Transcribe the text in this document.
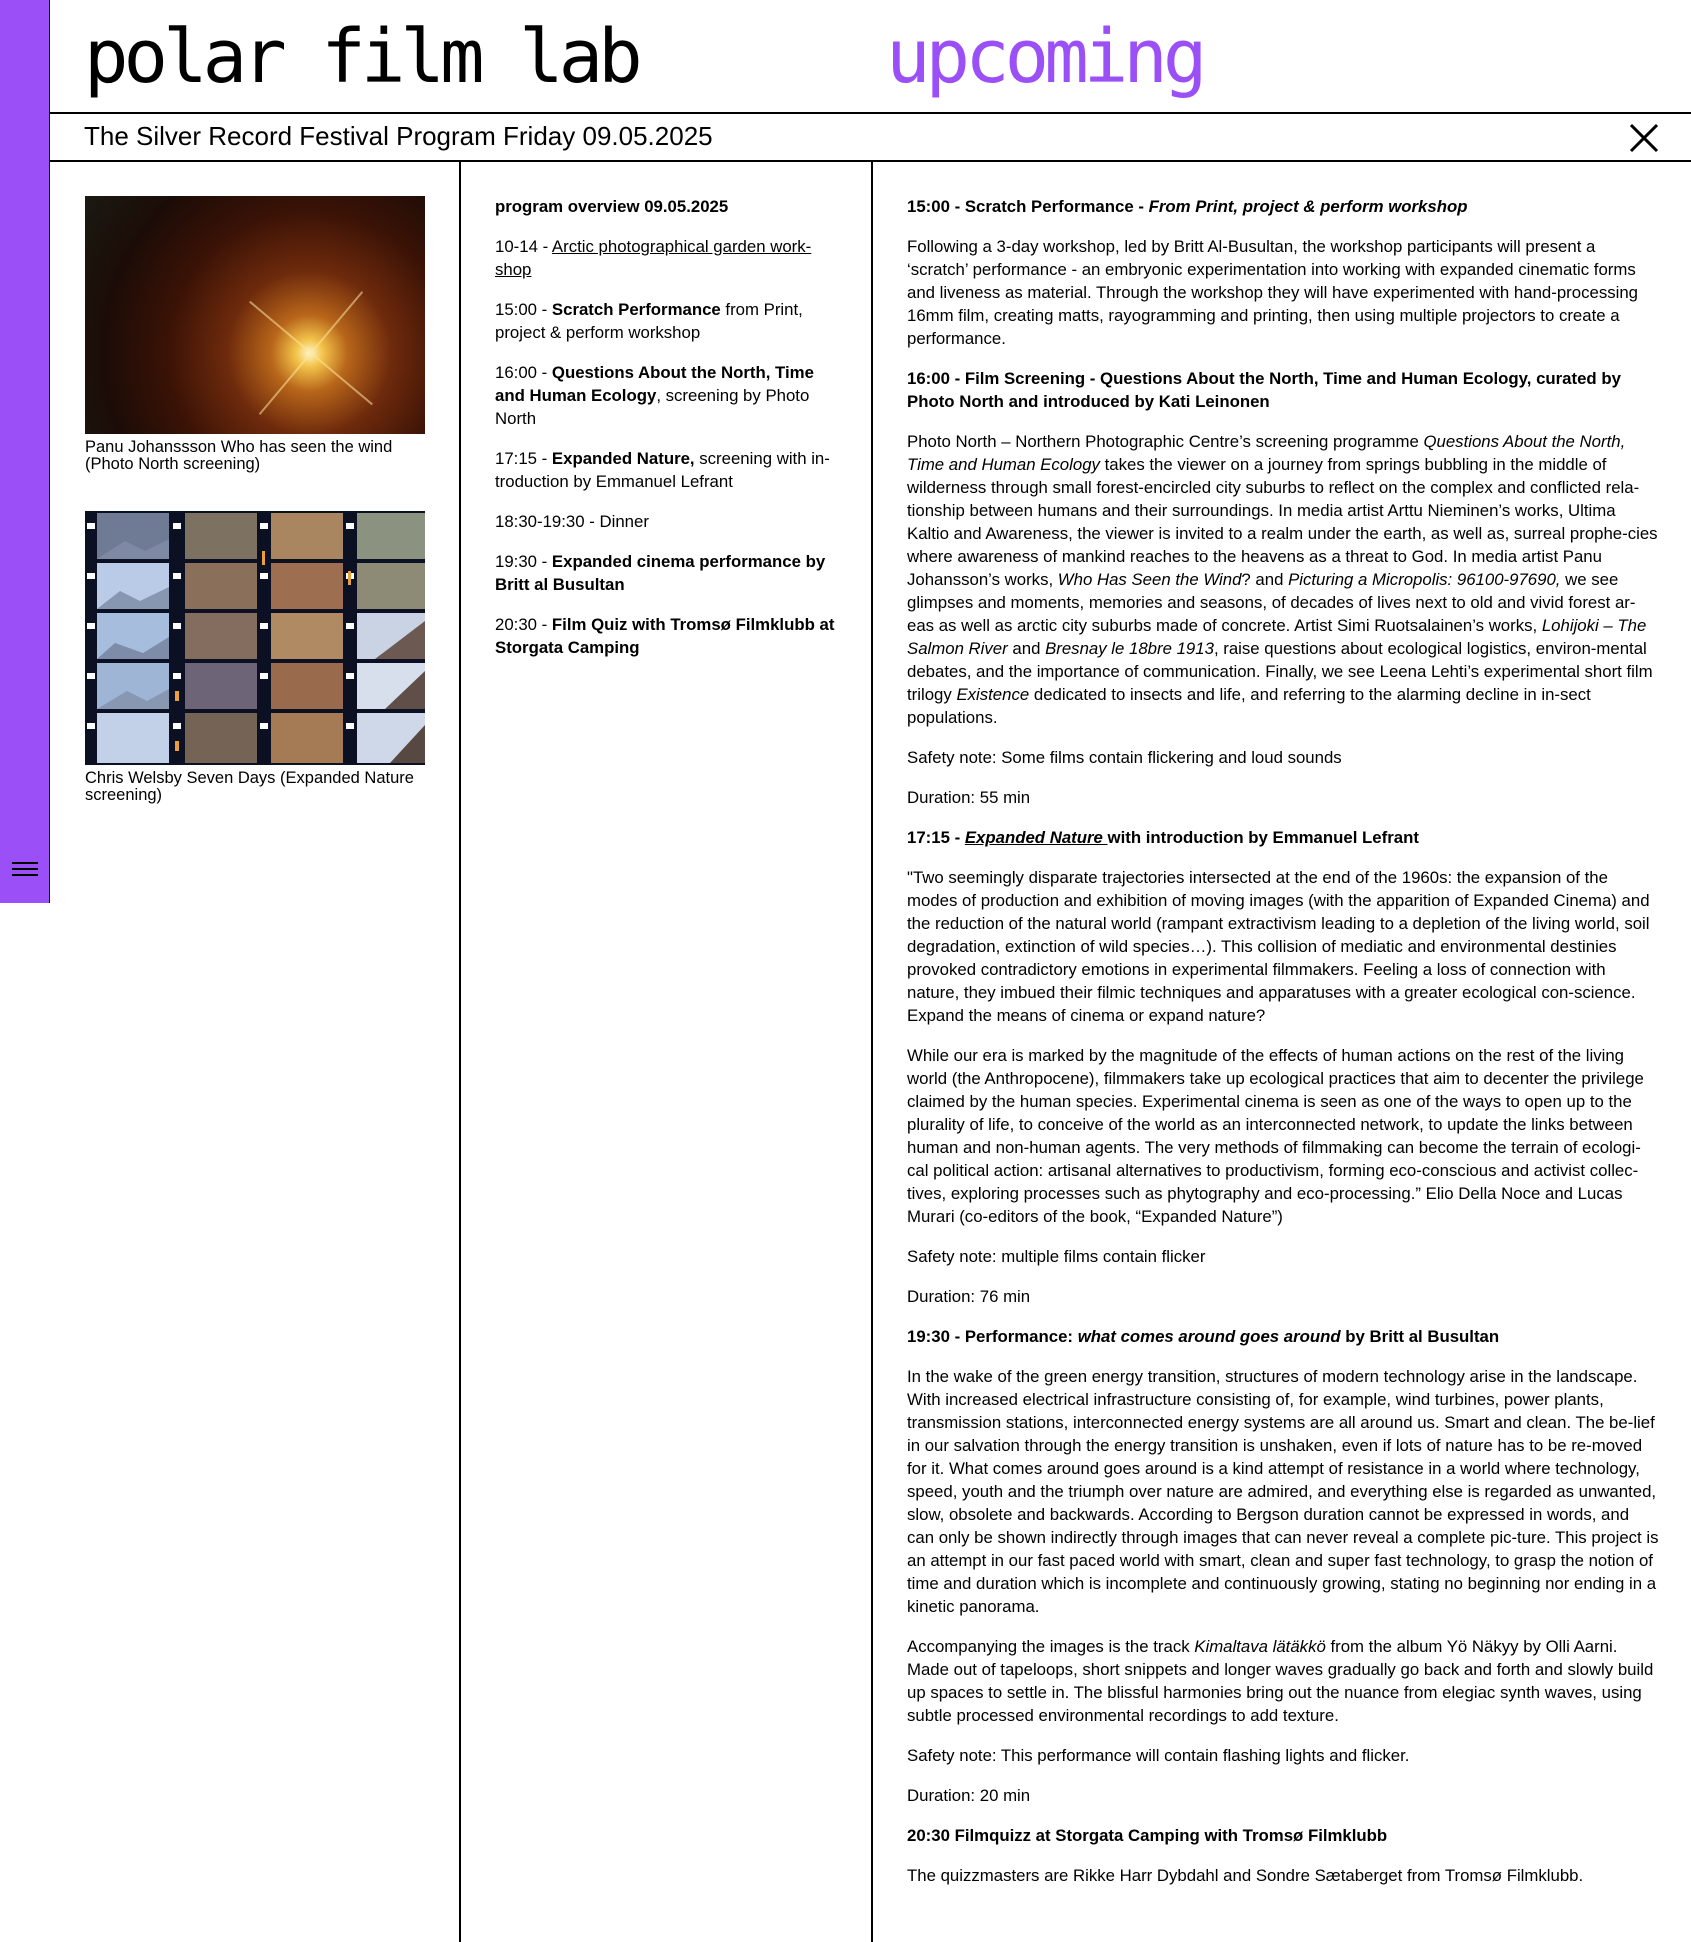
polar film lab	upcoming
The Silver Record Festival Program Friday 09.05.2025
Panu Johanssson Who has seen the wind (Photo North screening)
Chris Welsby Seven Days (Expanded Nature screening)

program overview 09.05.2025

10-14 - Arctic photographical garden work-shop

15:00 - Scratch Performance from Print, project & perform workshop

16:00 - Questions About the North, Time and Human Ecology, screening by Photo North

17:15 - Expanded Nature, screening with in-troduction by Emmanuel Lefrant

18:30-19:30 - Dinner

19:30 - Expanded cinema performance by Britt al Busultan

20:30 - Film Quiz with Tromsø Filmklubb at Storgata Camping

15:00 - Scratch Performance - From Print, project & perform workshop

Following a 3-day workshop, led by Britt Al-Busultan, the workshop participants will present a ‘scratch’ performance - an embryonic experimentation into working with expanded cinematic forms and liveness as material. Through the workshop they will have experimented with hand-processing 16mm film, creating matts, rayogramming and printing, then using multiple projectors to create a performance.

16:00 - Film Screening - Questions About the North, Time and Human Ecology, curated by Photo North and introduced by Kati Leinonen

Photo North – Northern Photographic Centre’s screening programme Questions About the North, Time and Human Ecology takes the viewer on a journey from springs bubbling in the middle of wilderness through small forest-encircled city suburbs to reflect on the complex and conflicted rela-tionship between humans and their surroundings. In media artist Arttu Nieminen’s works, Ultima Kaltio and Awareness, the viewer is invited to a realm under the earth, as well as, surreal prophe-cies where awareness of mankind reaches to the heavens as a threat to God. In media artist Panu Johansson’s works, Who Has Seen the Wind? and Picturing a Micropolis: 96100-97690, we see glimpses and moments, memories and seasons, of decades of lives next to old and vivid forest ar-eas as well as arctic city suburbs made of concrete. Artist Simi Ruotsalainen’s works, Lohijoki – The Salmon River and Bresnay le 18bre 1913, raise questions about ecological logistics, environ-mental debates, and the importance of communication. Finally, we see Leena Lehti’s experimental short film trilogy Existence dedicated to insects and life, and referring to the alarming decline in in-sect populations.

Safety note: Some films contain flickering and loud sounds

Duration: 55 min

17:15 - Expanded Nature with introduction by Emmanuel Lefrant

"Two seemingly disparate trajectories intersected at the end of the 1960s: the expansion of the modes of production and exhibition of moving images (with the apparition of Expanded Cinema) and the reduction of the natural world (rampant extractivism leading to a depletion of the living world, soil degradation, extinction of wild species…). This collision of mediatic and environmental destinies provoked contradictory emotions in experimental filmmakers. Feeling a loss of connection with nature, they imbued their filmic techniques and apparatuses with a greater ecological con-science. Expand the means of cinema or expand nature?

While our era is marked by the magnitude of the effects of human actions on the rest of the living world (the Anthropocene), filmmakers take up ecological practices that aim to decenter the privilege claimed by the human species. Experimental cinema is seen as one of the ways to open up to the plurality of life, to conceive of the world as an interconnected network, to update the links between human and non-human agents. The very methods of filmmaking can become the terrain of ecologi-cal political action: artisanal alternatives to productivism, forming eco-conscious and activist collec-tives, exploring processes such as phytography and eco-processing.” Elio Della Noce and Lucas Murari (co-editors of the book, “Expanded Nature”)

Safety note: multiple films contain flicker

Duration: 76 min

19:30 - Performance: what comes around goes around by Britt al Busultan

In the wake of the green energy transition, structures of modern technology arise in the landscape. With increased electrical infrastructure consisting of, for example, wind turbines, power plants, transmission stations, interconnected energy systems are all around us. Smart and clean. The be-lief in our salvation through the energy transition is unshaken, even if lots of nature has to be re-moved for it. What comes around goes around is a kind attempt of resistance in a world where technology, speed, youth and the triumph over nature are admired, and everything else is regarded as unwanted, slow, obsolete and backwards. According to Bergson duration cannot be expressed in words, and can only be shown indirectly through images that can never reveal a complete pic-ture. This project is an attempt in our fast paced world with smart, clean and super fast technology, to grasp the notion of time and duration which is incomplete and continuously growing, stating no beginning nor ending in a kinetic panorama.

Accompanying the images is the track Kimaltava lätäkkö from the album Yö Näkyy by Olli Aarni. Made out of tapeloops, short snippets and longer waves gradually go back and forth and slowly build up spaces to settle in. The blissful harmonies bring out the nuance from elegiac synth waves, using subtle processed environmental recordings to add texture.

Safety note: This performance will contain flashing lights and flicker.

Duration: 20 min

20:30 Filmquizz at Storgata Camping with Tromsø Filmklubb

The quizzmasters are Rikke Harr Dybdahl and Sondre Sætaberget from Tromsø Filmklubb.
